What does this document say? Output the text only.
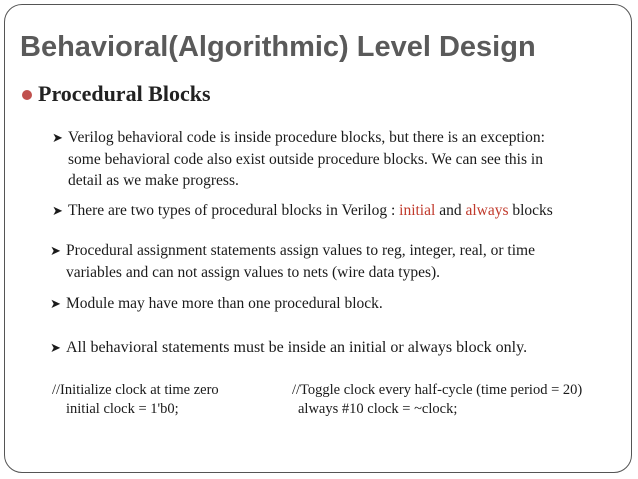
Behavioral(Algorithmic) Level Design
Procedural Blocks
➤ Verilog behavioral code is inside procedure blocks, but there is an exception: some behavioral code also exist outside procedure blocks. We can see this in detail as we make progress.
➤ There are two types of procedural blocks in Verilog : initial and always blocks
➤ Procedural assignment statements assign values to reg, integer, real, or time variables and can not assign values to nets (wire data types).
➤ Module may have more than one procedural block.
➤ All behavioral statements must be inside an initial or always block only.
//Initialize clock at time zero
initial clock = 1'b0;
//Toggle clock every half-cycle (time period = 20)
always #10 clock = ~clock;
